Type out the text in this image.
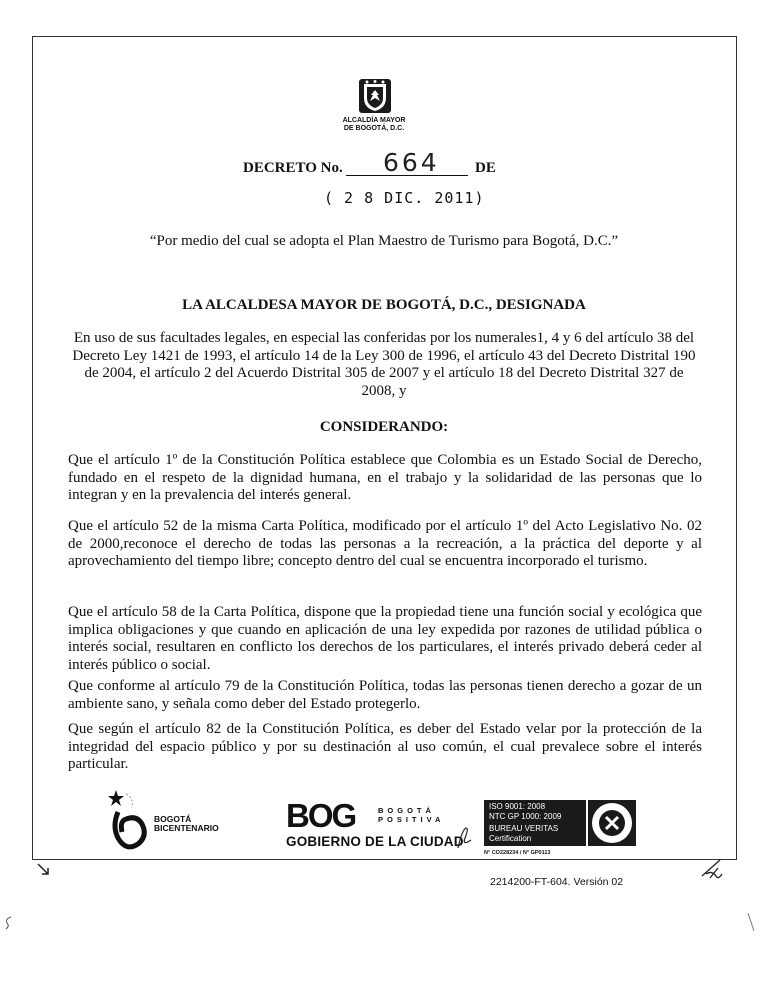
ALCALDÍA MAYOR
DE BOGOTÁ, D.C.
DECRETO No. 664 DE
( 2 8 DIC. 2011)
“Por medio del cual se adopta el Plan Maestro de Turismo para Bogotá, D.C.”
LA ALCALDESA MAYOR DE BOGOTÁ, D.C., DESIGNADA
En uso de sus facultades legales, en especial las conferidas por los numerales1, 4 y 6 del artículo 38 del Decreto Ley 1421 de 1993, el artículo 14 de la Ley 300 de 1996, el artículo 43 del Decreto Distrital 190 de 2004, el artículo 2 del Acuerdo Distrital 305 de 2007 y el artículo 18 del Decreto Distrital 327 de 2008, y
CONSIDERANDO:
Que el artículo 1º de la Constitución Política establece que Colombia es un Estado Social de Derecho, fundado en el respeto de la dignidad humana, en el trabajo y la solidaridad de las personas que lo integran y en la prevalencia del interés general.
Que el artículo 52 de la misma Carta Política, modificado por el artículo 1º del Acto Legislativo No. 02 de 2000,reconoce el derecho de todas las personas a la recreación, a la práctica del deporte y al aprovechamiento del tiempo libre; concepto dentro del cual se encuentra incorporado el turismo.
Que el artículo 58 de la Carta Política, dispone que la propiedad tiene una función social y ecológica que implica obligaciones y que cuando en aplicación de una ley expedida por razones de utilidad pública o interés social, resultaren en conflicto los derechos de los particulares, el interés privado deberá ceder al interés público o social.
Que conforme al artículo 79 de la Constitución Política, todas las personas tienen derecho a gozar de un ambiente sano, y señala como deber del Estado protegerlo.
Que según el artículo 82 de la Constitución Política, es deber del Estado velar por la protección de la integridad del espacio público y por su destinación al uso común, el cual prevalece sobre el interés particular.
BOGOTÁ
BICENTENARIO BOG	BOGOTÁ
POSITIVA
GOBIERNO DE LA CIUDAD
ISO 9001: 2008
NTC GP 1000: 2009
BUREAU VERITAS
Certification
N° CO228234 / N° GP0113
2214200-FT-604. Versión 02
